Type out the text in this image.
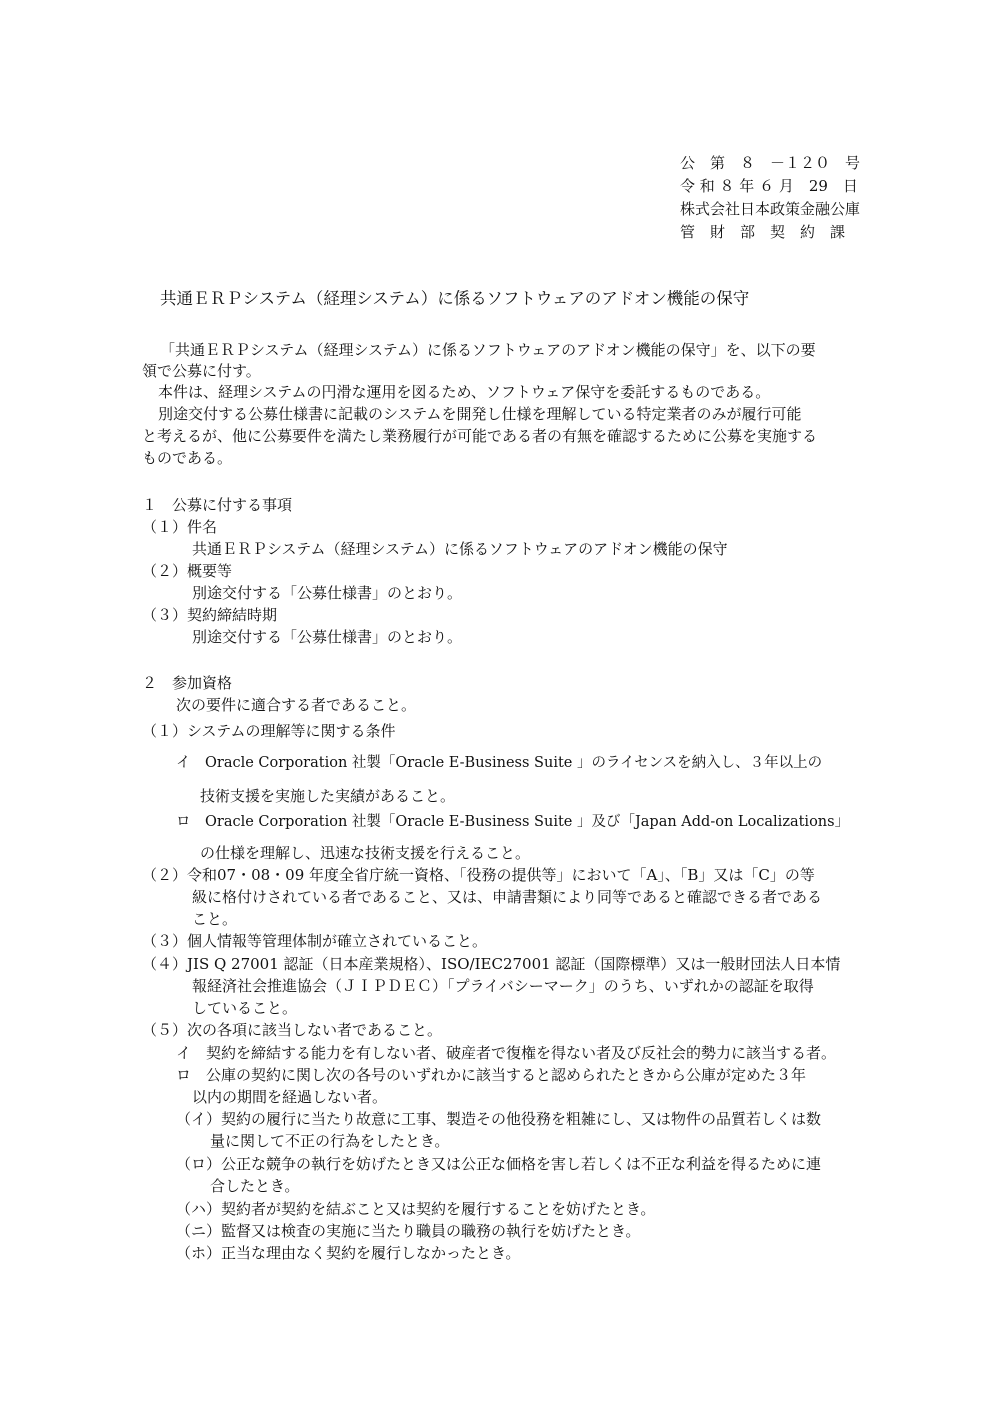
公　第　８　－１２０　号
令 和 ８ 年 ６ 月　29　日
株式会社日本政策金融公庫
管　財　部　契　約　課
共通ＥＲＰシステム（経理システム）に係るソフトウェアのアドオン機能の保守
「共通ＥＲＰシステム（経理システム）に係るソフトウェアのアドオン機能の保守」を、以下の要
領で公募に付す。
本件は、経理システムの円滑な運用を図るため、ソフトウェア保守を委託するものである。
別途交付する公募仕様書に記載のシステムを開発し仕様を理解している特定業者のみが履行可能
と考えるが、他に公募要件を満たし業務履行が可能である者の有無を確認するために公募を実施する
ものである。
１　公募に付する事項
（１）件名
共通ＥＲＰシステム（経理システム）に係るソフトウェアのアドオン機能の保守
（２）概要等
別途交付する「公募仕様書」のとおり。
（３）契約締結時期
別途交付する「公募仕様書」のとおり。
２　参加資格
次の要件に適合する者であること。
（１）システムの理解等に関する条件
イ　Oracle Corporation 社製「Oracle E-Business Suite 」のライセンスを納入し、３年以上の
技術支援を実施した実績があること。
ロ　Oracle Corporation 社製「Oracle E-Business Suite 」及び「Japan Add-on Localizations」
の仕様を理解し、迅速な技術支援を行えること。
（２）令和07・08・09 年度全省庁統一資格、「役務の提供等」において「A」、「B」又は「C」の等
級に格付けされている者であること、又は、申請書類により同等であると確認できる者である
こと。
（３）個人情報等管理体制が確立されていること。
（４）JIS Q 27001 認証（日本産業規格）、ISO/IEC27001 認証（国際標準）又は一般財団法人日本情
報経済社会推進協会（ＪＩＰＤＥＣ）「プライバシーマーク」のうち、いずれかの認証を取得
していること。
（５）次の各項に該当しない者であること。
イ　契約を締結する能力を有しない者、破産者で復権を得ない者及び反社会的勢力に該当する者。
ロ　公庫の契約に関し次の各号のいずれかに該当すると認められたときから公庫が定めた３年
以内の期間を経過しない者。
（イ）契約の履行に当たり故意に工事、製造その他役務を粗雑にし、又は物件の品質若しくは数
量に関して不正の行為をしたとき。
（ロ）公正な競争の執行を妨げたとき又は公正な価格を害し若しくは不正な利益を得るために連
合したとき。
（ハ）契約者が契約を結ぶこと又は契約を履行することを妨げたとき。
（ニ）監督又は検査の実施に当たり職員の職務の執行を妨げたとき。
（ホ）正当な理由なく契約を履行しなかったとき。
